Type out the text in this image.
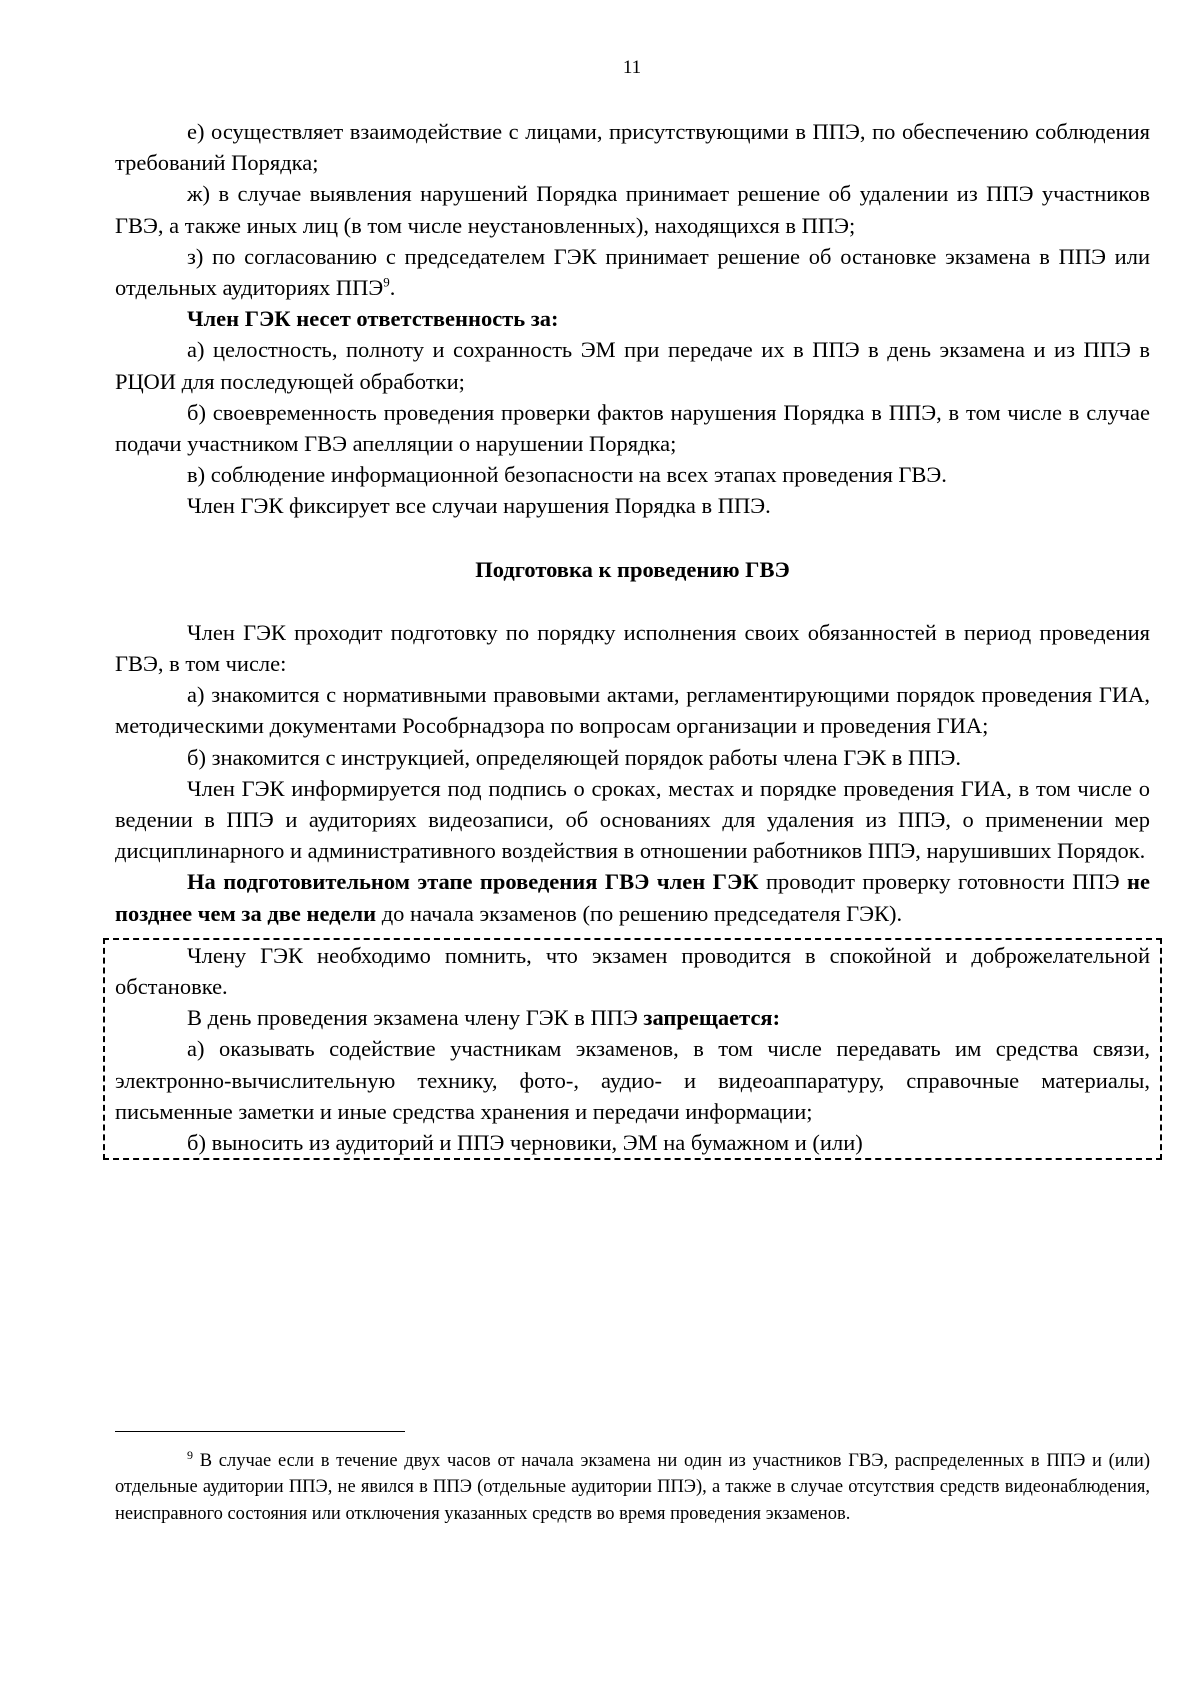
11

е) осуществляет взаимодействие с лицами, присутствующими в ППЭ, по обеспечению соблюдения требований Порядка;

ж) в случае выявления нарушений Порядка принимает решение об удалении из ППЭ участников ГВЭ, а также иных лиц (в том числе неустановленных), находящихся в ППЭ;

з) по согласованию с председателем ГЭК принимает решение об остановке экзамена в ППЭ или отдельных аудиториях ППЭ$^9$.

Член ГЭК несет ответственность за:

а) целостность, полноту и сохранность ЭМ при передаче их в ППЭ в день экзамена и из ППЭ в РЦОИ для последующей обработки;

б) своевременность проведения проверки фактов нарушения Порядка в ППЭ, в том числе в случае подачи участником ГВЭ апелляции о нарушении Порядка;

в) соблюдение информационной безопасности на всех этапах проведения ГВЭ.

Член ГЭК фиксирует все случаи нарушения Порядка в ППЭ.

Подготовка к проведению ГВЭ

Член ГЭК проходит подготовку по порядку исполнения своих обязанностей в период проведения ГВЭ, в том числе:

а) знакомится с нормативными правовыми актами, регламентирующими порядок проведения ГИА, методическими документами Рособрнадзора по вопросам организации и проведения ГИА;

б) знакомится с инструкцией, определяющей порядок работы члена ГЭК в ППЭ.

Член ГЭК информируется под подпись о сроках, местах и порядке проведения ГИА, в том числе о ведении в ППЭ и аудиториях видеозаписи, об основаниях для удаления из ППЭ, о применении мер дисциплинарного и административного воздействия в отношении работников ППЭ, нарушивших Порядок.

На подготовительном этапе проведения ГВЭ член ГЭК проводит проверку готовности ППЭ не позднее чем за две недели до начала экзаменов (по решению председателя ГЭК).

Члену ГЭК необходимо помнить, что экзамен проводится в спокойной и доброжелательной обстановке.

В день проведения экзамена члену ГЭК в ППЭ запрещается:

а) оказывать содействие участникам экзаменов, в том числе передавать им средства связи, электронно-вычислительную технику, фото-, аудио- и видеоаппаратуру, справочные материалы, письменные заметки и иные средства хранения и передачи информации;

б) выносить из аудиторий и ППЭ черновики, ЭМ на бумажном и (или)

$^9$ В случае если в течение двух часов от начала экзамена ни один из участников ГВЭ, распределенных в ППЭ и (или) отдельные аудитории ППЭ, не явился в ППЭ (отдельные аудитории ППЭ), а также в случае отсутствия средств видеонаблюдения, неисправного состояния или отключения указанных средств во время проведения экзаменов.
